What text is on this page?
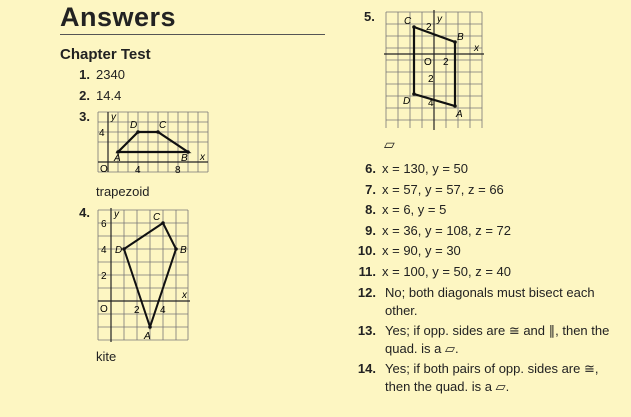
Answers
Chapter Test
1. 2340
2. 14.4
3.	y
x
O
4
4	8
A
D C
B
trapezoid
4.	y
x
O
6
4
2
2 4
D
C
B
A
kite
5.	C
B
A
D
y
x
O
2
2
2
4
▱
6. x = 130, y = 50
7. x = 57, y = 57, z = 66
8. x = 6, y = 5
9. x = 36, y = 108, z = 72
10. x = 90, y = 30
11. x = 100, y = 50, z = 40
12. No; both diagonals must bisect each other.
13. Yes; if opp. sides are ≅ and ∥, then the quad. is a ▱.
14. Yes; if both pairs of opp. sides are ≅, then the quad. is a ▱.
